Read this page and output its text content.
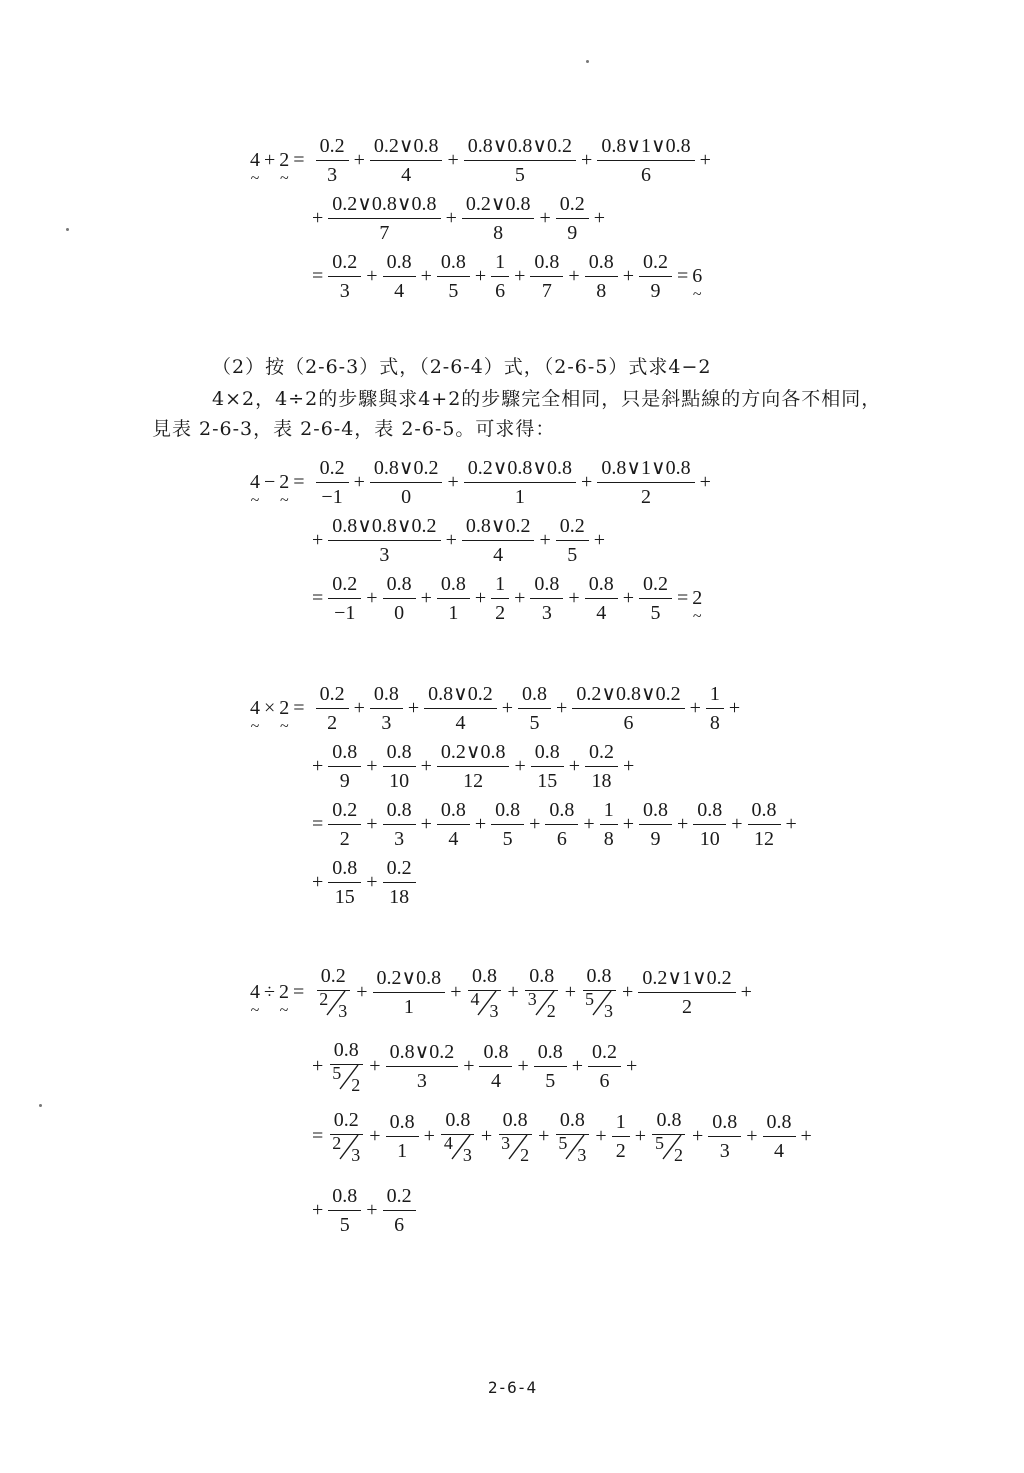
4 ~ + 2 ~ = $\frac{0.2}{3} + \frac{0.2\vee 0.8}{4} + \frac{0.8\vee 0.8\vee 0.2}{5} + \frac{0.8\vee 1\vee 0.8}{6}$ +
+ $\frac{0.2\vee 0.8\vee 0.8}{7} + \frac{0.2\vee 0.8}{8} + \frac{0.2}{9}$ +
= $\frac{0.2}{3} + \frac{0.8}{4} + \frac{0.8}{5} + \frac{1}{6} + \frac{0.8}{7} + \frac{0.8}{8} + \frac{0.2}{9} = 6$ ~
（2）按（2-6-3）式，（2-6-4）式，（2-6-5）式求4−2
4×2，4÷2的步驟與求4+2的步驟完全相同，只是斜點線的方向各不相同，
見表 2-6-3，表 2-6-4，表 2-6-5。可求得：
4 ~ − 2 ~ = $\frac{0.2}{-1} + \frac{0.8\vee 0.2}{0} + \frac{0.2\vee 0.8\vee 0.8}{1} + \frac{0.8\vee 1\vee 0.8}{2}$ +
+ $\frac{0.8\vee 0.8\vee 0.2}{3} + \frac{0.8\vee 0.2}{4} + \frac{0.2}{5}$ +
= $\frac{0.2}{-1} + \frac{0.8}{0} + \frac{0.8}{1} + \frac{1}{2} + \frac{0.8}{3} + \frac{0.8}{4} + \frac{0.2}{5} = 2$ ~
4 ~ × 2 ~ = $\frac{0.2}{2} + \frac{0.8}{3} + \frac{0.8\vee 0.2}{4} + \frac{0.8}{5} + \frac{0.2\vee 0.8\vee 0.2}{6} + \frac{1}{8}$ +
+ $\frac{0.8}{9} + \frac{0.8}{10} + \frac{0.2\vee 0.8}{12} + \frac{0.8}{15} + \frac{0.2}{18}$ +
= $\frac{0.2}{2} + \frac{0.8}{3} + \frac{0.8}{4} + \frac{0.8}{5} + \frac{0.8}{6} + \frac{1}{8} + \frac{0.8}{9} + \frac{0.8}{10} + \frac{0.8}{12}$ +
+ $\frac{0.8}{15} + \frac{0.2}{18}$
4 ~ ÷ 2 ~ = 0.2
2
$3 + \frac{0.2\vee 0.8}{1} + 0.8$
4
3 + 0.8
3
2 + 0.8
5
$3 + \frac{0.2\vee 1\vee 0.2}{2}$ +
+ 0.8
5
$2 + \frac{0.8\vee 0.2}{3} + \frac{0.8}{4} + \frac{0.8}{5} + \frac{0.2}{6}$ +
= 0.2
2
$3 + \frac{0.8}{1} + 0.8$
4
3 + 0.8
3
2 + 0.8
5
$3 + \frac{1}{2} + 0.8$
5
$2 + \frac{0.8}{3} + \frac{0.8}{4}$ +
+ $\frac{0.8}{5} + \frac{0.2}{6}$
2-6-4
